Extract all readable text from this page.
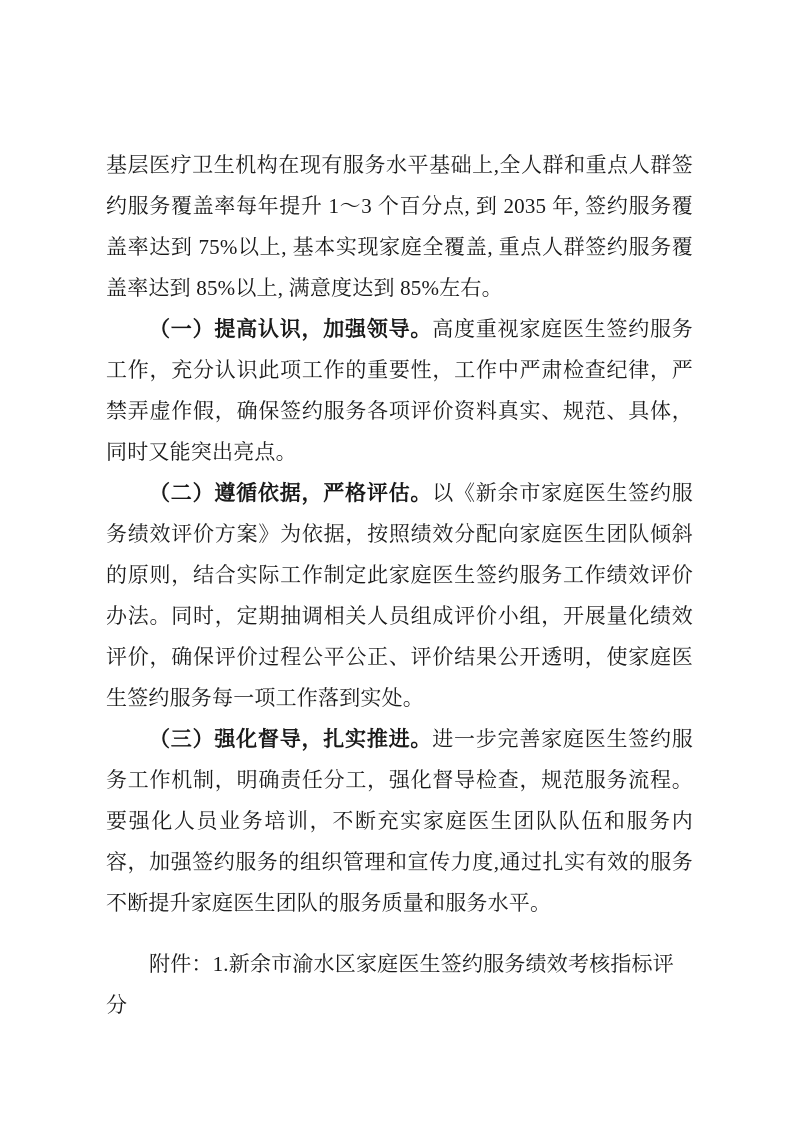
基层医疗卫生机构在现有服务水平基础上,全人群和重点人群签约服务覆盖率每年提升 1～3 个百分点, 到 2035 年, 签约服务覆盖率达到 75%以上, 基本实现家庭全覆盖, 重点人群签约服务覆盖率达到 85%以上, 满意度达到 85%左右。

（一）提高认识，加强领导。高度重视家庭医生签约服务工作，充分认识此项工作的重要性，工作中严肃检查纪律，严禁弄虚作假，确保签约服务各项评价资料真实、规范、具体，同时又能突出亮点。

（二）遵循依据，严格评估。以《新余市家庭医生签约服务绩效评价方案》为依据，按照绩效分配向家庭医生团队倾斜的原则，结合实际工作制定此家庭医生签约服务工作绩效评价办法。同时，定期抽调相关人员组成评价小组，开展量化绩效评价，确保评价过程公平公正、评价结果公开透明，使家庭医生签约服务每一项工作落到实处。

（三）强化督导，扎实推进。进一步完善家庭医生签约服务工作机制，明确责任分工，强化督导检查，规范服务流程。要强化人员业务培训，不断充实家庭医生团队队伍和服务内容，加强签约服务的组织管理和宣传力度,通过扎实有效的服务不断提升家庭医生团队的服务质量和服务水平。

附件：1.新余市渝水区家庭医生签约服务绩效考核指标评分
